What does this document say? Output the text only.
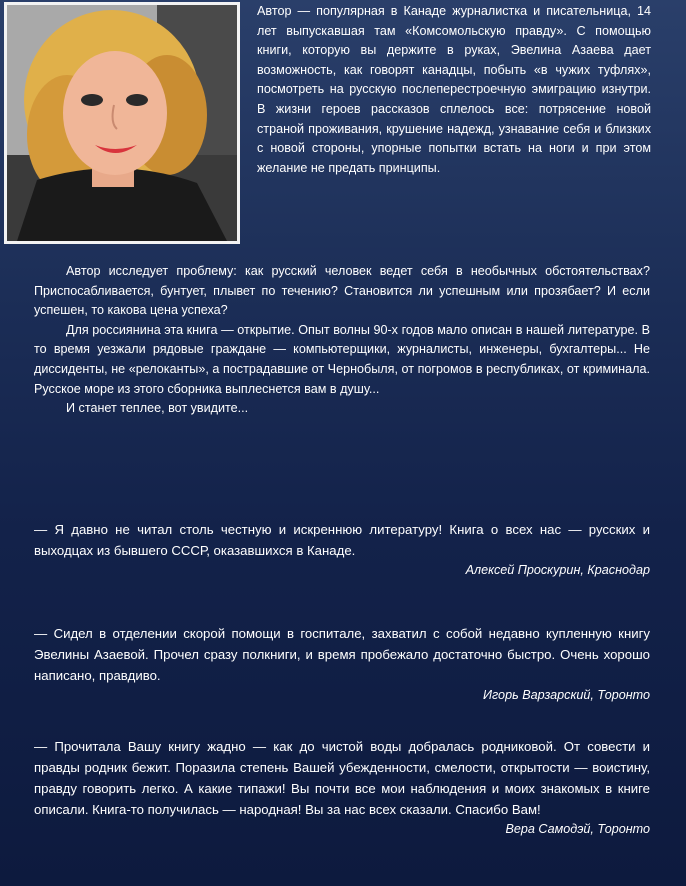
Автор — популярная в Канаде журналистка и писательница, 14 лет выпускавшая там «Комсомольскую правду». С помощью книги, которую вы держите в руках, Эвелина Азаева дает возможность, как говорят канадцы, побыть «в чужих туфлях», посмотреть на русскую послеперестроечную эмиграцию изнутри. В жизни героев рассказов сплелось все: потрясение новой страной проживания, крушение надежд, узнавание себя и близких с новой стороны, упорные попытки встать на ноги и при этом желание не предать принципы.

Автор исследует проблему: как русский человек ведет себя в необычных обстоятельствах? Приспосабливается, бунтует, плывет по течению? Становится ли успешным или прозябает? И если успешен, то какова цена успеха?

Для россиянина эта книга — открытие. Опыт волны 90-х годов мало описан в нашей литературе. В то время уезжали рядовые граждане — компьютерщики, журналисты, инженеры, бухгалтеры... Не диссиденты, не «релоканты», а пострадавшие от Чернобыля, от погромов в республиках, от криминала. Русское море из этого сборника выплеснется вам в душу...

И станет теплее, вот увидите...

— Я давно не читал столь честную и искреннюю литературу! Книга о всех нас — русских и выходцах из бывшего СССР, оказавшихся в Канаде.

Алексей Проскурин, Краснодар

— Сидел в отделении скорой помощи в госпитале, захватил с собой недавно купленную книгу Эвелины Азаевой. Прочел сразу полкниги, и время пробежало достаточно быстро. Очень хорошо написано, правдиво.

Игорь Варзарский, Торонто

— Прочитала Вашу книгу жадно — как до чистой воды добралась родниковой. От совести и правды родник бежит. Поразила степень Вашей убежденности, смелости, открытости — воистину, правду говорить легко. А какие типажи! Вы почти все мои наблюдения и моих знакомых в книге описали. Книга-то получилась — народная! Вы за нас всех сказали. Спасибо Вам!

Вера Самодэй, Торонто
